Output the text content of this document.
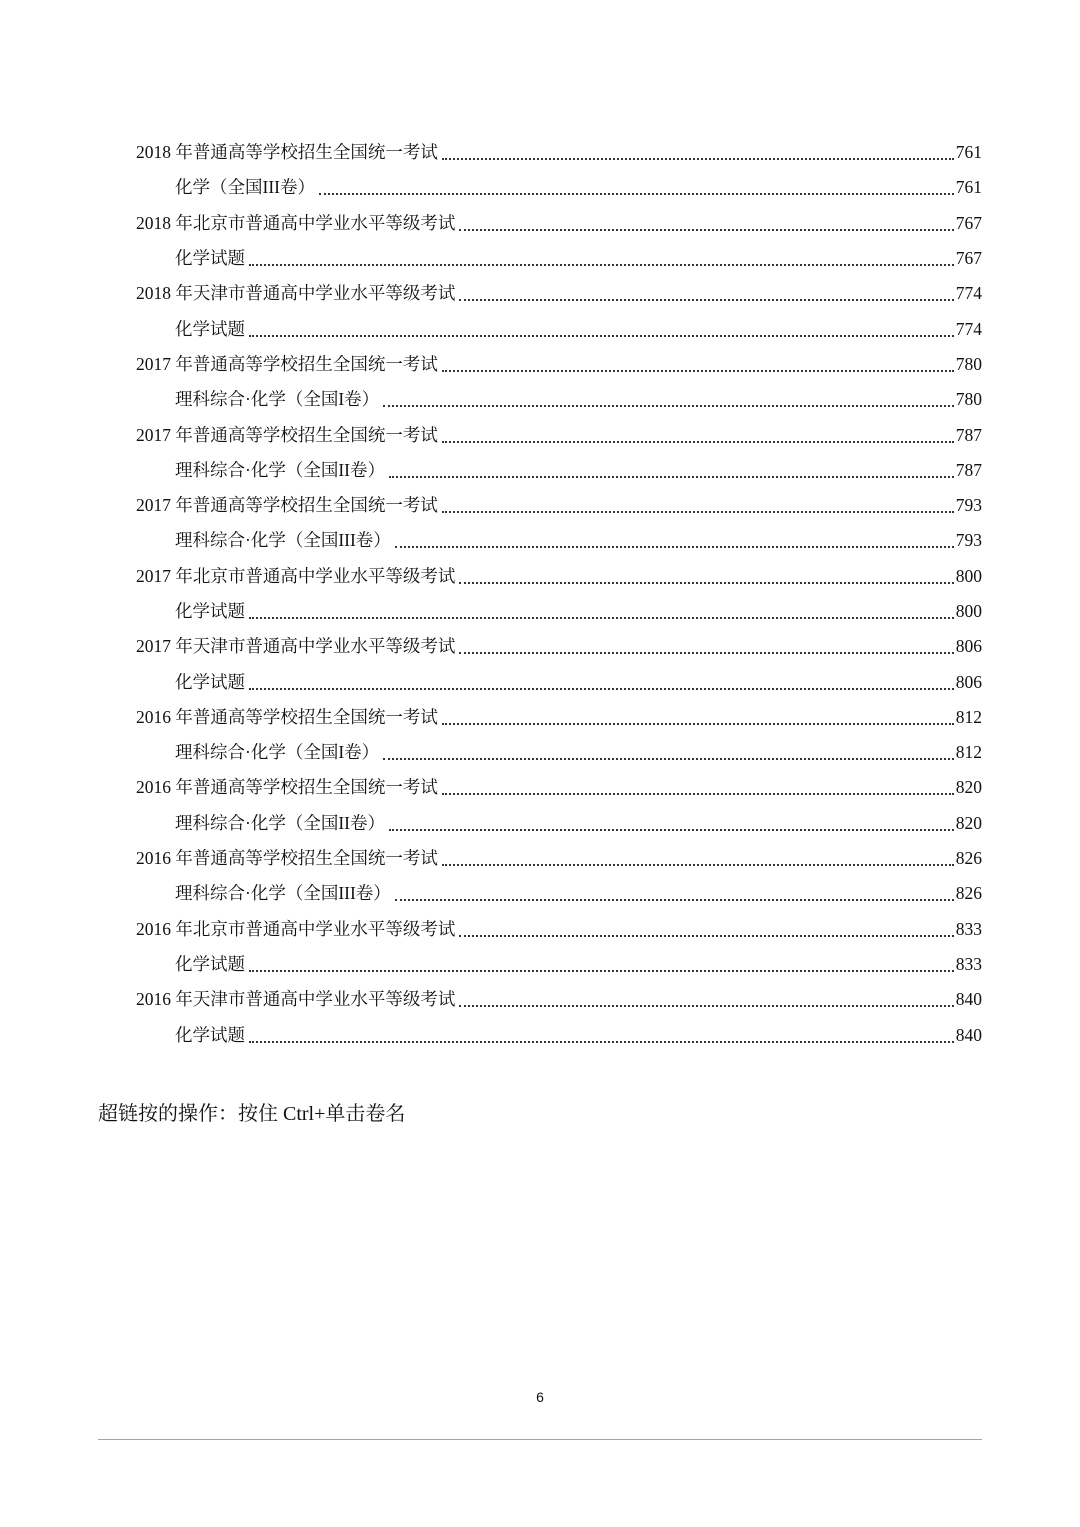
2018 年普通高等学校招生全国统一考试	761
化学（全国III卷）	761
2018 年北京市普通高中学业水平等级考试	767
化学试题	767
2018 年天津市普通高中学业水平等级考试	774
化学试题	774
2017 年普通高等学校招生全国统一考试	780
理科综合·化学（全国I卷）	780
2017 年普通高等学校招生全国统一考试	787
理科综合·化学（全国II卷）	787
2017 年普通高等学校招生全国统一考试	793
理科综合·化学（全国III卷）	793
2017 年北京市普通高中学业水平等级考试	800
化学试题	800
2017 年天津市普通高中学业水平等级考试	806
化学试题	806
2016 年普通高等学校招生全国统一考试	812
理科综合·化学（全国I卷）	812
2016 年普通高等学校招生全国统一考试	820
理科综合·化学（全国II卷）	820
2016 年普通高等学校招生全国统一考试	826
理科综合·化学（全国III卷）	826
2016 年北京市普通高中学业水平等级考试	833
化学试题	833
2016 年天津市普通高中学业水平等级考试	840
化学试题	840
超链按的操作：按住 Ctrl+单击卷名
6
